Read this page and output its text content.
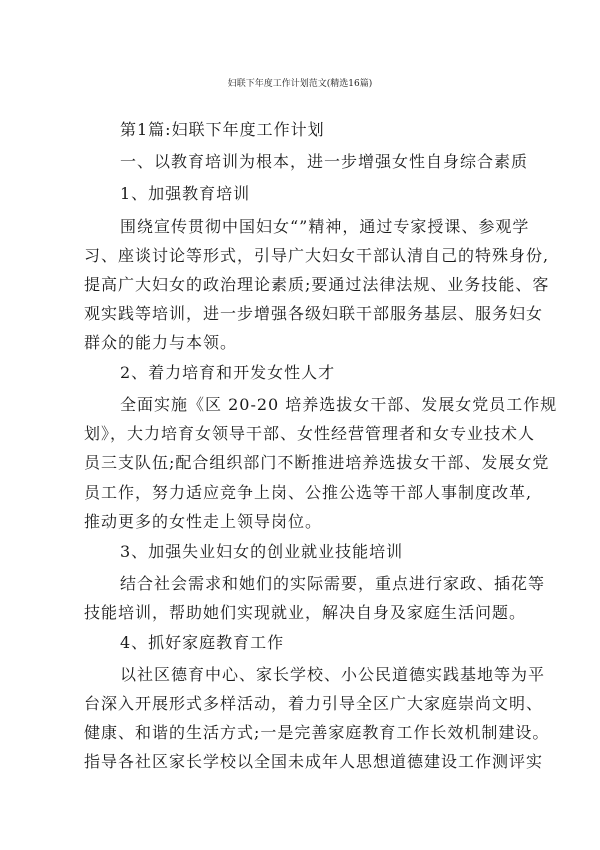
妇联下年度工作计划范文(精选16篇)
第1篇:妇联下年度工作计划
一、以教育培训为根本，进一步增强女性自身综合素质
1、加强教育培训
围绕宣传贯彻中国妇女“”精神，通过专家授课、参观学
习、座谈讨论等形式，引导广大妇女干部认清自己的特殊身份,
提高广大妇女的政治理论素质;要通过法律法规、业务技能、客
观实践等培训，进一步增强各级妇联干部服务基层、服务妇女
群众的能力与本领。
2、着力培育和开发女性人才
全面实施《区 20-20 培养选拔女干部、发展女党员工作规
划》，大力培育女领导干部、女性经营管理者和女专业技术人
员三支队伍;配合组织部门不断推进培养选拔女干部、发展女党
员工作，努力适应竞争上岗、公推公选等干部人事制度改革,
推动更多的女性走上领导岗位。
3、加强失业妇女的创业就业技能培训
结合社会需求和她们的实际需要，重点进行家政、插花等
技能培训，帮助她们实现就业，解决自身及家庭生活问题。
4、抓好家庭教育工作
以社区德育中心、家长学校、小公民道德实践基地等为平
台深入开展形式多样活动，着力引导全区广大家庭崇尚文明、
健康、和谐的生活方式;一是完善家庭教育工作长效机制建设。
指导各社区家长学校以全国未成年人思想道德建设工作测评实
